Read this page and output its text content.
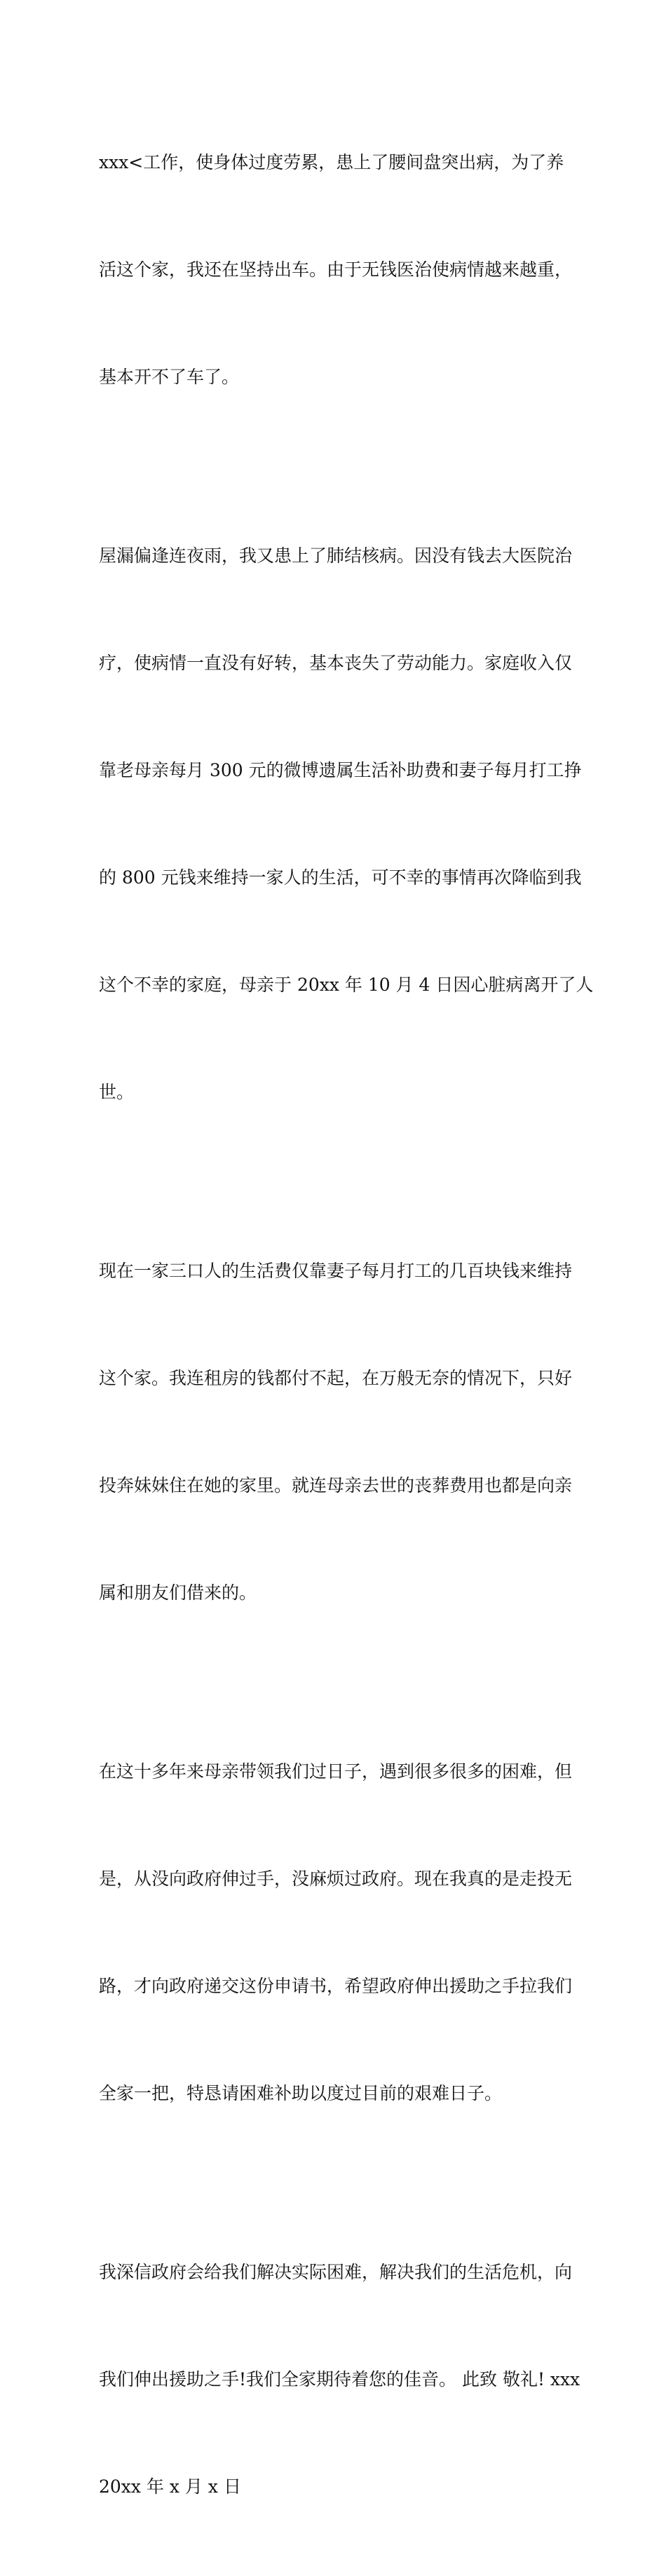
xxx<工作，使身体过度劳累，患上了腰间盘突出病，为了养

活这个家，我还在坚持出车。由于无钱医治使病情越来越重，

基本开不了车了。

屋漏偏逢连夜雨，我又患上了肺结核病。因没有钱去大医院治

疗，使病情一直没有好转，基本丧失了劳动能力。家庭收入仅

靠老母亲每月 300 元的微博遗属生活补助费和妻子每月打工挣

的 800 元钱来维持一家人的生活，可不幸的事情再次降临到我

这个不幸的家庭，母亲于 20xx 年 10 月 4 日因心脏病离开了人

世。

现在一家三口人的生活费仅靠妻子每月打工的几百块钱来维持

这个家。我连租房的钱都付不起，在万般无奈的情况下，只好

投奔妹妹住在她的家里。就连母亲去世的丧葬费用也都是向亲

属和朋友们借来的。

在这十多年来母亲带领我们过日子，遇到很多很多的困难，但

是，从没向政府伸过手，没麻烦过政府。现在我真的是走投无

路，才向政府递交这份申请书，希望政府伸出援助之手拉我们

全家一把，特恳请困难补助以度过目前的艰难日子。

我深信政府会给我们解决实际困难，解决我们的生活危机，向

我们伸出援助之手!我们全家期待着您的佳音。 此致 敬礼! xxx

20xx 年 x 月 x 日
